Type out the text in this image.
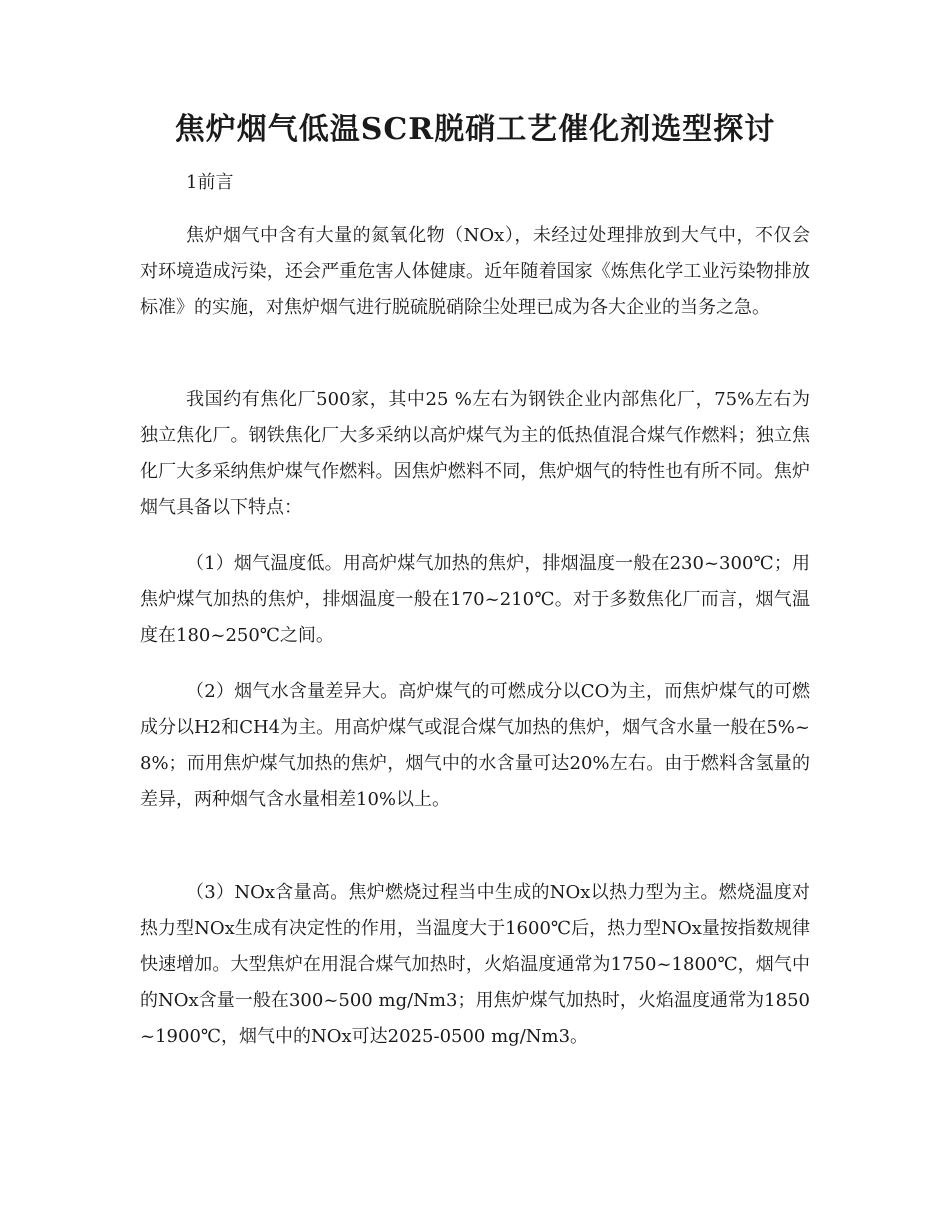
焦炉烟气低温SCR脱硝工艺催化剂选型探讨

1前言

焦炉烟气中含有大量的氮氧化物（NOx），未经过处理排放到大气中，不仅会对环境造成污染，还会严重危害人体健康。近年随着国家《炼焦化学工业污染物排放标准》的实施，对焦炉烟气进行脱硫脱硝除尘处理已成为各大企业的当务之急。

我国约有焦化厂500家，其中25 %左右为钢铁企业内部焦化厂，75%左右为独立焦化厂。钢铁焦化厂大多采纳以高炉煤气为主的低热值混合煤气作燃料；独立焦化厂大多采纳焦炉煤气作燃料。因焦炉燃料不同，焦炉烟气的特性也有所不同。焦炉烟气具备以下特点：

（1）烟气温度低。用高炉煤气加热的焦炉，排烟温度一般在230~300℃；用焦炉煤气加热的焦炉，排烟温度一般在170~210℃。对于多数焦化厂而言，烟气温度在180~250℃之间。

（2）烟气水含量差异大。高炉煤气的可燃成分以CO为主，而焦炉煤气的可燃成分以H2和CH4为主。用高炉煤气或混合煤气加热的焦炉，烟气含水量一般在5%~8%；而用焦炉煤气加热的焦炉，烟气中的水含量可达20%左右。由于燃料含氢量的差异，两种烟气含水量相差10%以上。

（3）NOx含量高。焦炉燃烧过程当中生成的NOx以热力型为主。燃烧温度对热力型NOx生成有决定性的作用，当温度大于1600℃后，热力型NOx量按指数规律快速增加。大型焦炉在用混合煤气加热时，火焰温度通常为1750~1800℃，烟气中的NOx含量一般在300~500 mg/Nm3；用焦炉煤气加热时，火焰温度通常为1850~1900℃，烟气中的NOx可达2025-0500 mg/Nm3。
